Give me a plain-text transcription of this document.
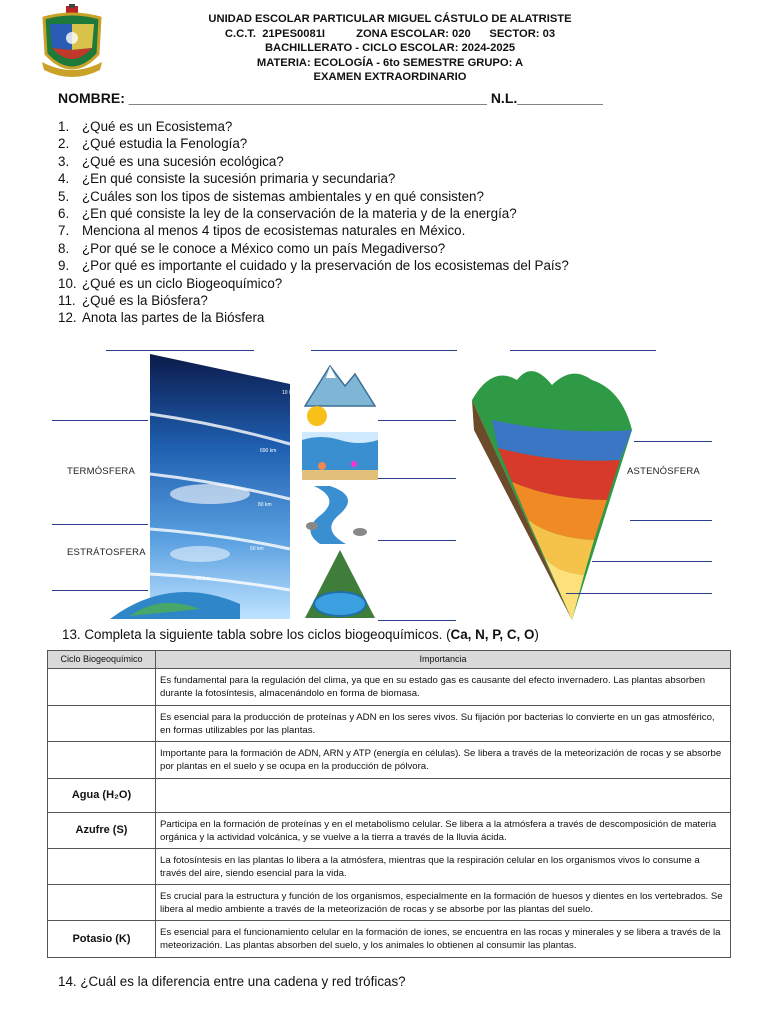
UNIDAD ESCOLAR PARTICULAR MIGUEL CÁSTULO DE ALATRISTE
C.C.T.  21PES0081I          ZONA ESCOLAR: 020      SECTOR: 03
BACHILLERATO - CICLO ESCOLAR: 2024-2025
MATERIA: ECOLOGÍA - 6to SEMESTRE GRUPO: A
EXAMEN EXTRAORDINARIO
NOMBRE: ______________________________________________ N.L.___________
1. ¿Qué es un Ecosistema?
2. ¿Qué estudia la Fenología?
3. ¿Qué es una sucesión ecológica?
4. ¿En qué consiste la sucesión primaria y secundaria?
5. ¿Cuáles son los tipos de sistemas ambientales y en qué consisten?
6. ¿En qué consiste la ley de la conservación de la materia y de la energía?
7. Menciona al menos 4 tipos de ecosistemas naturales en México.
8. ¿Por qué se le conoce a México como un país Megadiverso?
9. ¿Por qué es importante el cuidado y la preservación de los ecosistemas del País?
10. ¿Qué es un ciclo Biogeoquímico?
11. ¿Qué es la Biósfera?
12. Anota las partes de la Biósfera
10 000 km
690 km
80 km
50 km
20 km
TERMÓSFERA
ESTRÁTOSFERA
ASTENÓSFERA
13. Completa la siguiente tabla sobre los ciclos biogeoquímicos. (Ca, N, P, C, O)
Ciclo Biogeoquímico	Importancia
	Es fundamental para la regulación del clima, ya que en su estado gas es causante del efecto invernadero. Las plantas absorben durante la fotosíntesis, almacenándolo en forma de biomasa.
	Es esencial para la producción de proteínas y ADN en los seres vivos. Su fijación por bacterias lo convierte en un gas atmosférico, en formas utilizables por las plantas.
	Importante para la formación de ADN, ARN y ATP (energía en células). Se libera a través de la meteorización de rocas y se absorbe por plantas en el suelo y se ocupa en la producción de pólvora.
Agua (H₂O)	
Azufre (S)	Participa en la formación de proteínas y en el metabolismo celular. Se libera a la atmósfera a través de descomposición de materia orgánica y la actividad volcánica, y se vuelve a la tierra a través de la lluvia ácida.
	La fotosíntesis en las plantas lo libera a la atmósfera, mientras que la respiración celular en los organismos vivos lo consume a través del aire, siendo esencial para la vida.
	Es crucial para la estructura y función de los organismos, especialmente en la formación de huesos y dientes en los vertebrados. Se libera al medio ambiente a través de la meteorización de rocas y se absorbe por las plantas del suelo.
Potasio (K)	Es esencial para el funcionamiento celular en la formación de iones, se encuentra en las rocas y minerales y se libera a través de la meteorización. Las plantas absorben del suelo, y los animales lo obtienen al consumir las plantas.
14. ¿Cuál es la diferencia entre una cadena y red tróficas?
